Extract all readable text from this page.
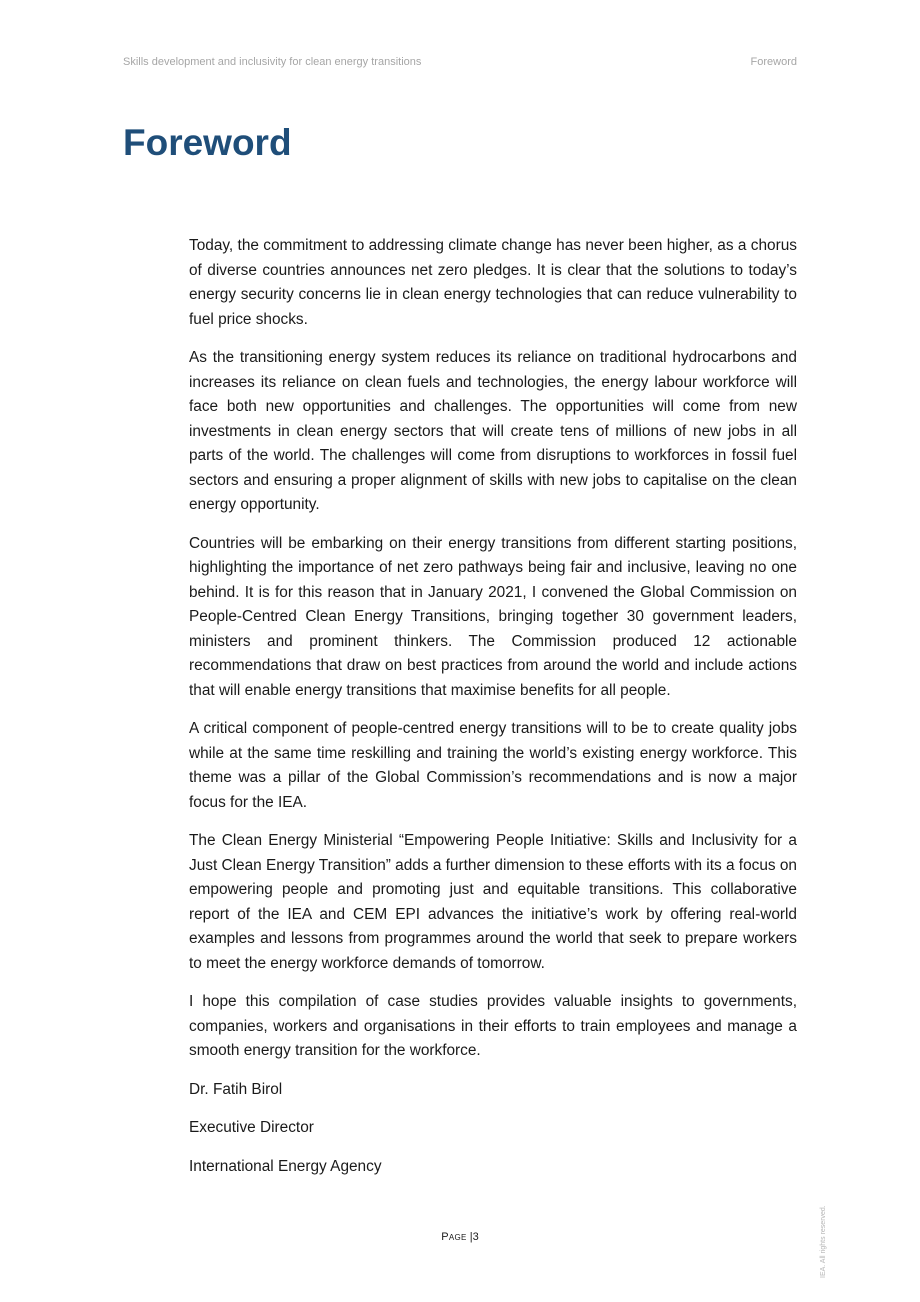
Skills development and inclusivity for clean energy transitions	Foreword
Foreword

Today, the commitment to addressing climate change has never been higher, as a chorus of diverse countries announces net zero pledges. It is clear that the solutions to today’s energy security concerns lie in clean energy technologies that can reduce vulnerability to fuel price shocks.

As the transitioning energy system reduces its reliance on traditional hydrocarbons and increases its reliance on clean fuels and technologies, the energy labour workforce will face both new opportunities and challenges. The opportunities will come from new investments in clean energy sectors that will create tens of millions of new jobs in all parts of the world. The challenges will come from disruptions to workforces in fossil fuel sectors and ensuring a proper alignment of skills with new jobs to capitalise on the clean energy opportunity.

Countries will be embarking on their energy transitions from different starting positions, highlighting the importance of net zero pathways being fair and inclusive, leaving no one behind. It is for this reason that in January 2021, I convened the Global Commission on People-Centred Clean Energy Transitions, bringing together 30 government leaders, ministers and prominent thinkers. The Commission produced 12 actionable recommendations that draw on best practices from around the world and include actions that will enable energy transitions that maximise benefits for all people.

A critical component of people-centred energy transitions will to be to create quality jobs while at the same time reskilling and training the world’s existing energy workforce. This theme was a pillar of the Global Commission’s recommendations and is now a major focus for the IEA.

The Clean Energy Ministerial “Empowering People Initiative: Skills and Inclusivity for a Just Clean Energy Transition” adds a further dimension to these efforts with its a focus on empowering people and promoting just and equitable transitions. This collaborative report of the IEA and CEM EPI advances the initiative’s work by offering real-world examples and lessons from programmes around the world that seek to prepare workers to meet the energy workforce demands of tomorrow.

I hope this compilation of case studies provides valuable insights to governments, companies, workers and organisations in their efforts to train employees and manage a smooth energy transition for the workforce.

Dr. Fatih Birol

Executive Director

International Energy Agency

Page |3	IEA. All rights reserved.
